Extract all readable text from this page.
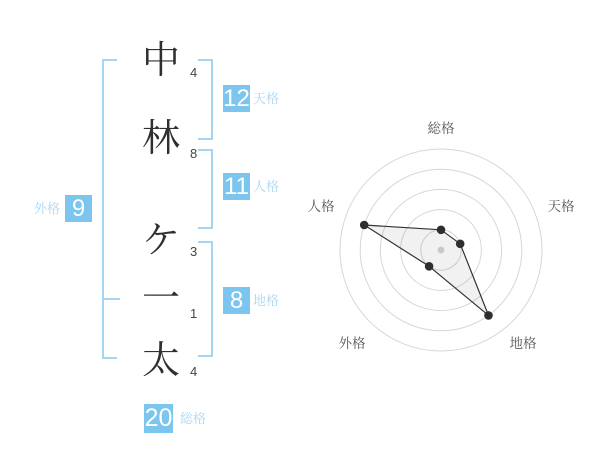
中
林
ケ
一
太
4
8
3
1
4
12 天格
11 人格
8 地格
外格 9
20 総格
総格
天格
地格
外格
人格
